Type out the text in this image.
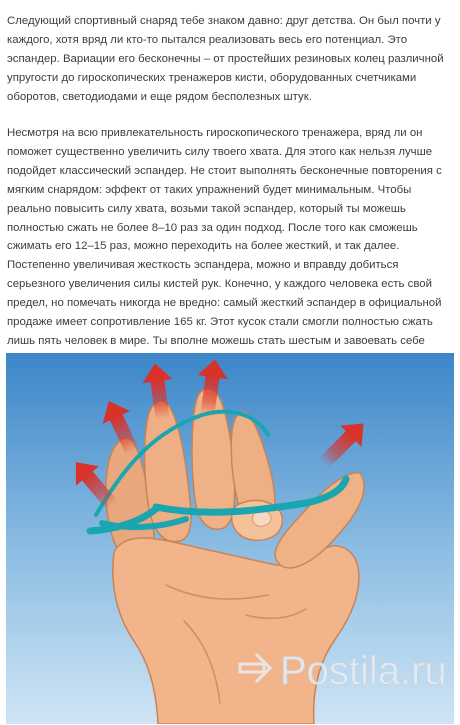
Следующий спортивный снаряд тебе знаком давно: друг детства. Он был почти у каждого, хотя вряд ли кто-то пытался реализовать весь его потенциал. Это эспандер. Вариации его бесконечны – от простейших резиновых колец различной упругости до гироскопических тренажеров кисти, оборудованных счетчиками оборотов, светодиодами и еще рядом бесполезных штук.

Несмотря на всю привлекательность гироскопического тренажера, вряд ли он поможет существенно увеличить силу твоего хвата. Для этого как нельзя лучше подойдет классический эспандер. Не стоит выполнять бесконечные повторения с мягким снарядом: эффект от таких упражнений будет минимальным. Чтобы реально повысить силу хвата, возьми такой эспандер, который ты можешь полностью сжать не более 8–10 раз за один подход. После того как сможешь сжимать его 12–15 раз, можно переходить на более жесткий, и так далее. Постепенно увеличивая жесткость эспандера, можно и вправду добиться серьезного увеличения силы кистей рук. Конечно, у каждого человека есть свой предел, но помечать никогда не вредно: самый жесткий эспандер в официальной продаже имеет сопротивление 165 кг. Этот кусок стали смогли полностью сжать лишь пять человек в мире. Ты вполне можешь стать шестым и завоевать себе

Postila.ru
